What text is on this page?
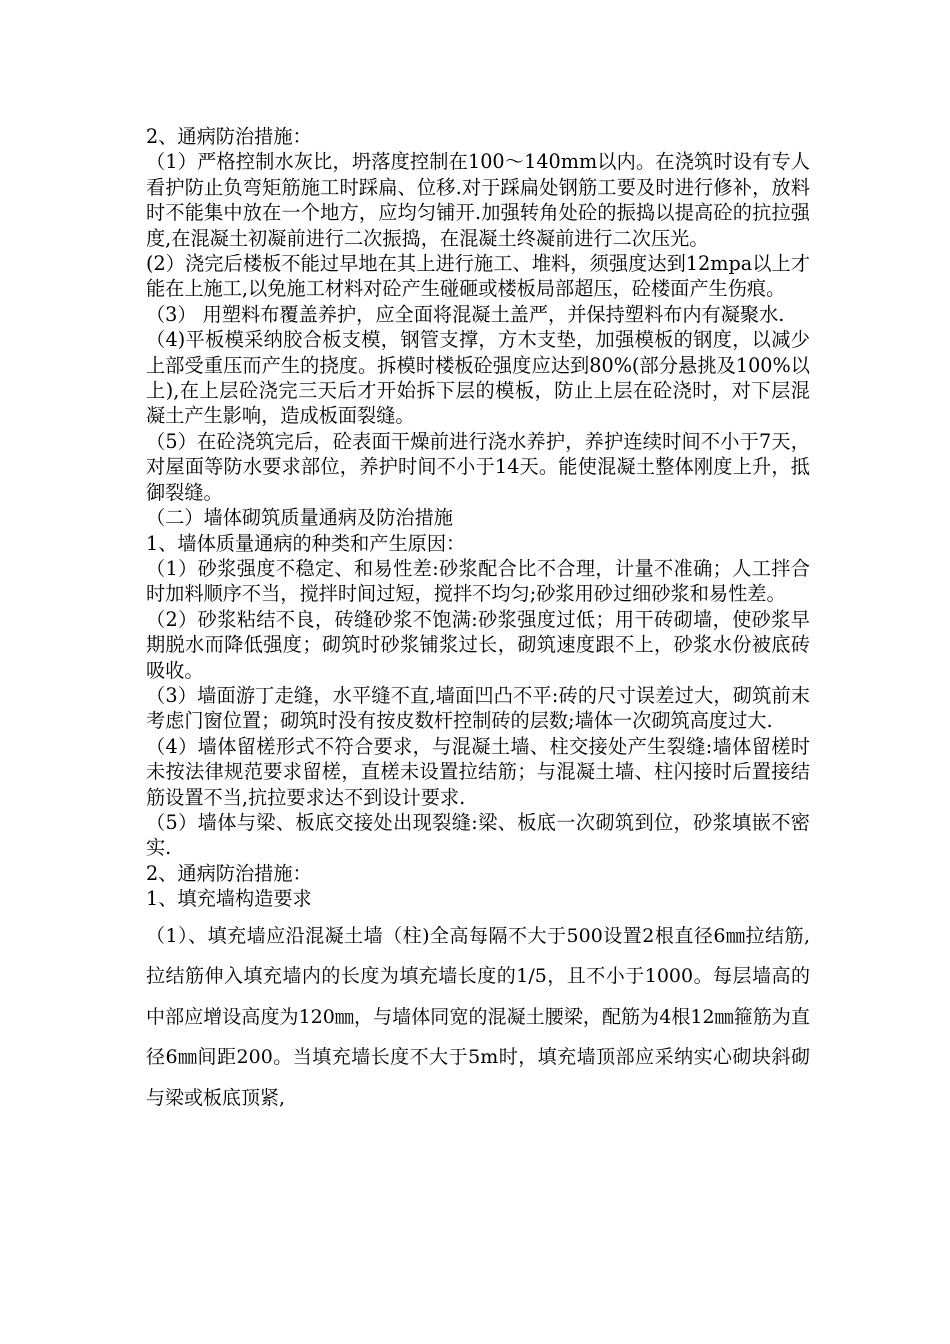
2、通病防治措施：

（1）严格控制水灰比，坍落度控制在100～140mm以内。在浇筑时设有专人看护防止负弯矩筋施工时踩扁、位移.对于踩扁处钢筋工要及时进行修补，放料时不能集中放在一个地方，应均匀铺开.加强转角处砼的振捣以提高砼的抗拉强度,在混凝土初凝前进行二次振捣，在混凝土终凝前进行二次压光。

(2）浇完后楼板不能过早地在其上进行施工、堆料，须强度达到12mpa以上才能在上施工,以免施工材料对砼产生碰砸或楼板局部超压，砼楼面产生伤痕。

（3） 用塑料布覆盖养护，应全面将混凝土盖严，并保持塑料布内有凝聚水.

（4)平板模采纳胶合板支模，钢管支撑，方木支垫，加强模板的钢度，以减少上部受重压而产生的挠度。拆模时楼板砼强度应达到80%(部分悬挑及100%以上),在上层砼浇完三天后才开始拆下层的模板，防止上层在砼浇时，对下层混凝土产生影响，造成板面裂缝。

（5）在砼浇筑完后，砼表面干燥前进行浇水养护，养护连续时间不小于7天，对屋面等防水要求部位，养护时间不小于14天。能使混凝土整体刚度上升，抵御裂缝。

（二）墙体砌筑质量通病及防治措施

1、墙体质量通病的种类和产生原因：

（1）砂浆强度不稳定、和易性差:砂浆配合比不合理，计量不准确；人工拌合时加料顺序不当，搅拌时间过短，搅拌不均匀;砂浆用砂过细砂浆和易性差。

（2）砂浆粘结不良，砖缝砂浆不饱满:砂浆强度过低；用干砖砌墙，使砂浆早期脱水而降低强度；砌筑时砂浆铺浆过长，砌筑速度跟不上，砂浆水份被底砖吸收。

（3）墙面游丁走缝，水平缝不直,墙面凹凸不平:砖的尺寸误差过大，砌筑前末考虑门窗位置；砌筑时没有按皮数杆控制砖的层数;墙体一次砌筑高度过大.

（4）墙体留槎形式不符合要求，与混凝土墙、柱交接处产生裂缝:墙体留槎时未按法律规范要求留槎，直槎未设置拉结筋；与混凝土墙、柱闪接时后置接结筋设置不当,抗拉要求达不到设计要求.

（5）墙体与梁、板底交接处出现裂缝:梁、板底一次砌筑到位，砂浆填嵌不密实.

2、通病防治措施：

1、填充墙构造要求

（1）、填充墙应沿混凝土墙（柱)全高每隔不大于500设置2根直径6㎜拉结筋,拉结筋伸入填充墙内的长度为填充墙长度的1/5，且不小于1000。每层墙高的中部应增设高度为120㎜，与墙体同宽的混凝土腰梁，配筋为4根12㎜箍筋为直径6㎜间距200。当填充墙长度不大于5m时，填充墙顶部应采纳实心砌块斜砌与梁或板底顶紧,
